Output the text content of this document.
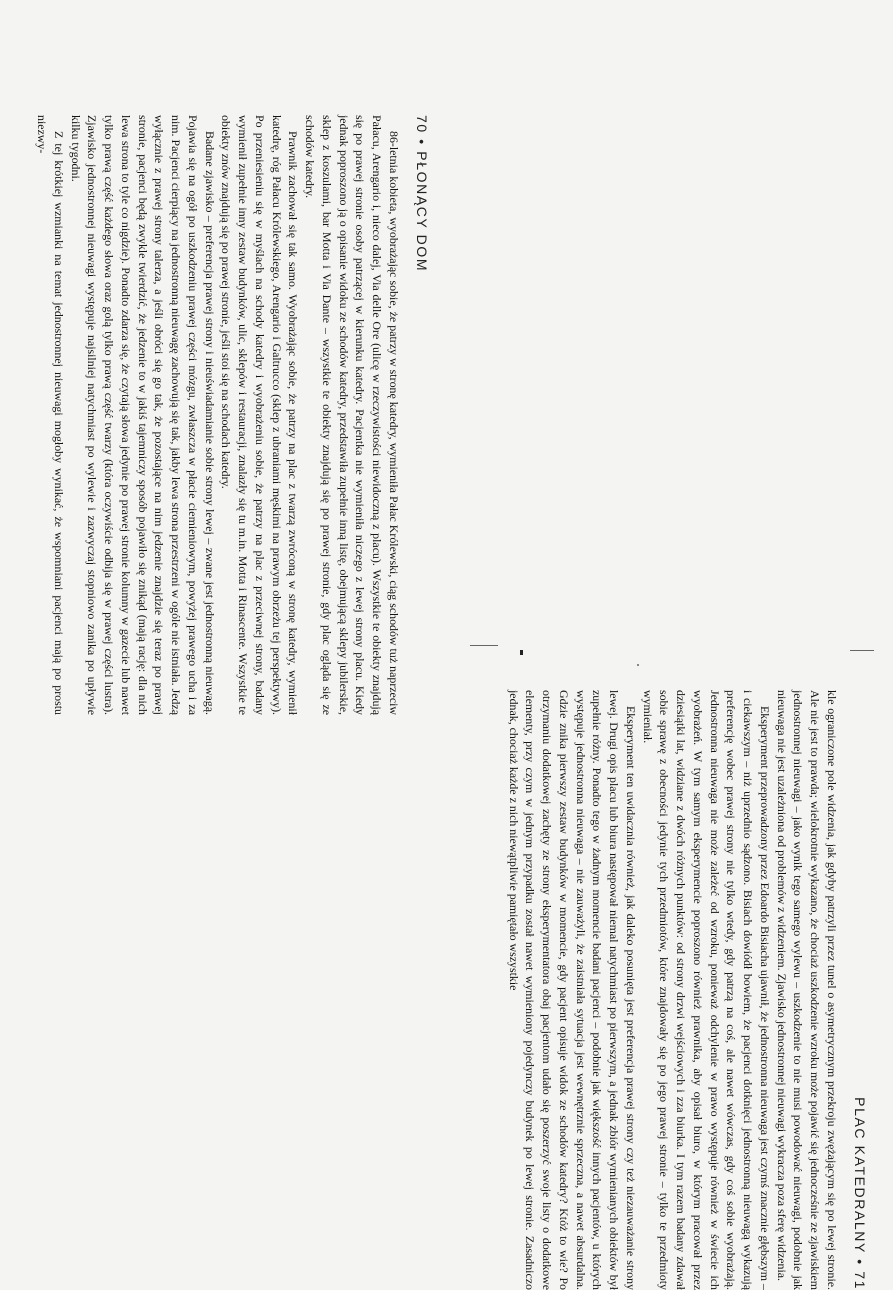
70 • PŁONĄCY DOM

86-letnia kobieta, wyobrażając sobie, że patrzy w stronę katedry, wymieniła Pałac Królewski, ciąg schodów tuż naprzeciw Pałacu, Arengario i, nieco dalej, Via delle Ore (ulicę w rzeczywistości niewidoczną z placu). Wszystkie te obiekty znajdują się po prawej stronie osoby patrzącej w kierunku katedry. Pacjentka nie wymieniła niczego z lewej strony placu. Kiedy jednak poproszono ją o opisanie widoku ze schodów katedry, przedstawiła zupełnie inną listę, obejmującą sklepy jubilerskie, sklep z koszulami, bar Motta i Via Dante – wszystkie te obiekty znajdują się po prawej stronie, gdy plac ogląda się ze schodów katedry.

Prawnik zachował się tak samo. Wyobrażając sobie, że patrzy na plac z twarzą zwróconą w stronę katedry, wymienił katedrę, róg Pałacu Królewskiego, Arengario i Galtrucco (sklep z ubraniami męskimi na prawym obrzeżu tej perspektywy). Po przeniesieniu się w myślach na schody katedry i wyobrażeniu sobie, że patrzy na plac z przeciwnej strony, badany wymienił zupełnie inny zestaw budynków, ulic, sklepów i restauracji, znalazły się tu m.in. Motta i Rinascente. Wszystkie te obiekty znów znajdują się po prawej stronie, jeśli stoi się na schodach katedry.

Badane zjawisko – preferencja prawej strony i nieuświadamianie sobie strony lewej – zwane jest jednostronną nieuwagą. Pojawia się na ogół po uszkodzeniu prawej części mózgu, zwłaszcza w płacie ciemieniowym, powyżej prawego ucha i za nim. Pacjenci cierpiący na jednostronną nieuwagę zachowują się tak, jakby lewa strona przestrzeni w ogóle nie istniała. Jedzą wyłącznie z prawej strony talerza, a jeśli obróci się go tak, że pozostające na nim jedzenie znajdzie się teraz po prawej stronie, pacjenci będą zwykle twierdzić, że jedzenie to w jakiś tajemniczy sposób pojawiło się znikąd (mają rację: dla nich lewa strona to tyle co nigdzie). Ponadto zdarza się, że czytają słowa jedynie po prawej stronie kolumny w gazecie lub nawet tylko prawą część każdego słowa oraz golą tylko prawą część twarzy (która oczywiście odbija się w prawej części lustra). Zjawisko jednostronnej nieuwagi występuje najsilniej natychmiast po wylewie i zazwyczaj stopniowo zanika po upływie kilku tygodni.

Z tej krótkiej wzmianki na temat jednostronnej nieuwagi mogłoby wynikać, że wspomniani pacjenci mają po prostu niezwy-

PLAC KATEDRALNY • 71

kle ograniczone pole widzenia, jak gdyby patrzyli przez tunel o asymetrycznym przekroju zwężającym się po lewej stronie. Ale nie jest to prawda; wielokrotnie wykazano, że chociaż uszkodzenie wzroku może pojawić się jednocześnie ze zjawiskiem jednostronnej nieuwagi – jako wynik tego samego wylewu – uszkodzenie to nie musi powodować nieuwagi, podobnie jak nieuwaga nie jest uzależniona od problemów z widzeniem. Zjawisko jednostronnej nieuwagi wykracza poza sferę widzenia.

Eksperyment przeprowadzony przez Edoardo Bisiacha ujawnił, że jednostronna nieuwaga jest czymś znacznie głębszym – i ciekawszym – niż uprzednio sądzono. Bisiach dowiódł bowiem, że pacjenci dotknięci jednostronną nieuwagą wykazują preferencję wobec prawej strony nie tylko wtedy, gdy patrzą na coś, ale nawet wówczas, gdy coś sobie wyobrażają. Jednostronna nieuwaga nie może zależeć od wzroku, ponieważ odchylenie w prawo występuje również w świecie ich wyobrażeń. W tym samym eksperymencie poproszono również prawnika, aby opisał biuro, w którym pracował przez dziesiątki lat, widziane z dwóch różnych punktów: od strony drzwi wejściowych i zza biurka. I tym razem badany zdawał sobie sprawę z obecności jedynie tych przedmiotów, które znajdowały się po jego prawej stronie – tylko te przedmioty wymieniał.

Eksperyment ten uwidacznia również, jak daleko posunięta jest preferencja prawej strony czy też niezauważanie strony lewej. Drugi opis placu lub biura następował niemal natychmiast po pierwszym, a jednak zbiór wymienianych obiektów był zupełnie różny. Ponadto tego w żadnym momencie badani pacjenci – podobnie jak większość innych pacjentów, u których występuje jednostronna nieuwaga – nie zauważyli, że zaistniała sytuacja jest wewnętrznie sprzeczna, a nawet absurdalna. Gdzie znika pierwszy zestaw budynków w momencie, gdy pacjent opisuje widok ze schodów katedry? Któż to wie? Po otrzymaniu dodatkowej zachęty ze strony eksperymentatora obaj pacjentom udało się poszerzyć swoje listy o dodatkowe elementy, przy czym w jednym przypadku został nawet wymieniony pojedynczy budynek po lewej stronie. Zasadniczo jednak, chociaż każde z nich niewątpliwie pamiętało wszystkie
